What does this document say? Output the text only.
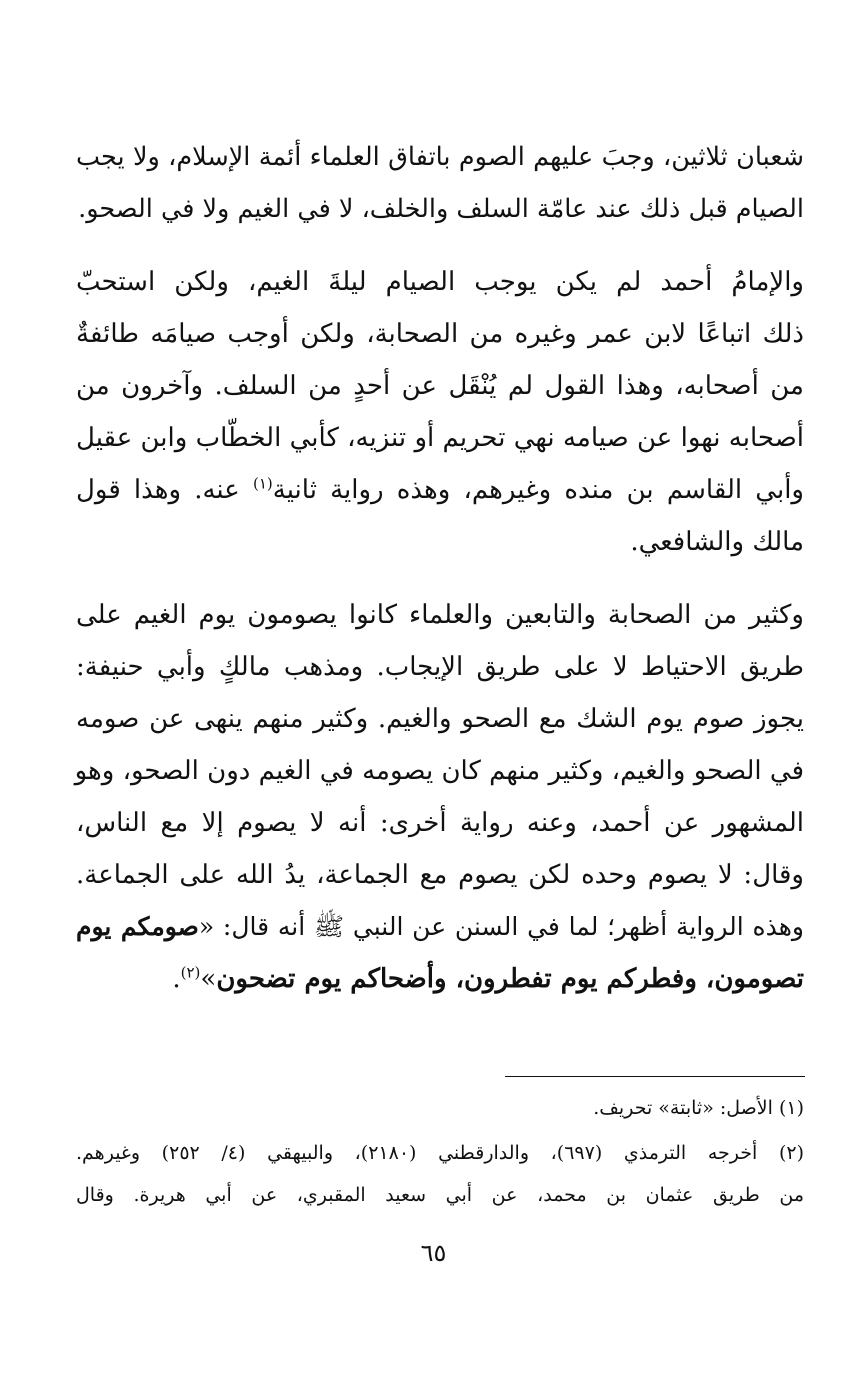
شعبان ثلاثين، وجبَ عليهم الصوم باتفاق العلماء أئمة الإسلام، ولا يجب
الصيام قبل ذلك عند عامّة السلف والخلف، لا في الغيم ولا في الصحو.
والإمامُ أحمد لم يكن يوجب الصيام ليلةَ الغيم، ولكن استحبّ
ذلك اتباعًا لابن عمر وغيره من الصحابة، ولكن أوجب صيامَه طائفةٌ
من أصحابه، وهذا القول لم يُنْقَل عن أحدٍ من السلف. وآخرون من
أصحابه نهوا عن صيامه نهي تحريم أو تنزيه، كأبي الخطّاب وابن عقيل
وأبي القاسم بن منده وغيرهم، وهذه رواية ثانية$^{(١)}$ عنه. وهذا قول
مالك والشافعي.
وكثير من الصحابة والتابعين والعلماء كانوا يصومون يوم الغيم على
طريق الاحتياط لا على طريق الإيجاب. ومذهب مالكٍ وأبي حنيفة:
يجوز صوم يوم الشك مع الصحو والغيم. وكثير منهم ينهى عن صومه
في الصحو والغيم، وكثير منهم كان يصومه في الغيم دون الصحو، وهو
المشهور عن أحمد، وعنه رواية أخرى: أنه لا يصوم إلا مع الناس،
وقال: لا يصوم وحده لكن يصوم مع الجماعة، يدُ الله على الجماعة.
وهذه الرواية أظهر؛ لما في السنن عن النبي ﷺ أنه قال: «صومكم يوم
تصومون، وفطركم يوم تفطرون، وأضحاكم يوم تضحون»$^{(٢)}$.
(١) الأصل: «ثابتة» تحريف.
(٢) أخرجه الترمذي (٦٩٧)، والدارقطني (٢١٨٠)، والبيهقي (٤/ ٢٥٢) وغيرهم.
من طريق عثمان بن محمد، عن أبي سعيد المقبري، عن أبي هريرة. وقال
٦٥
